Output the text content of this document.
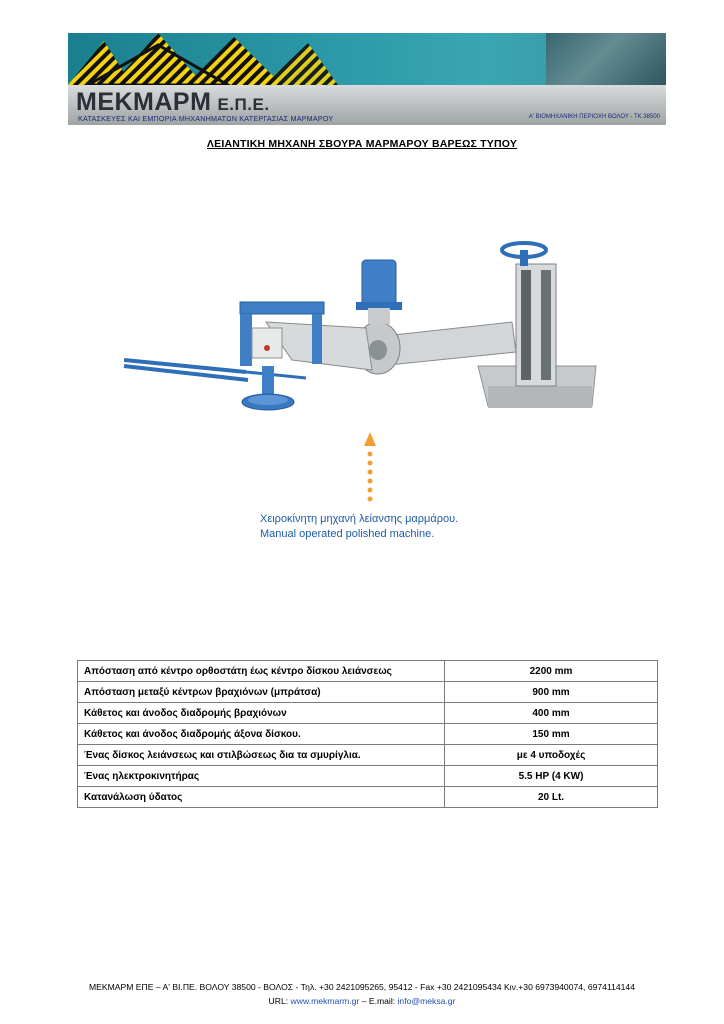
ΜΕΚΜΑΡΜ Ε.Π.Ε.
ΚΑΤΑΣΚΕΥΕΣ ΚΑΙ ΕΜΠΟΡΙΑ ΜΗΧΑΝΗΜΑΤΩΝ ΚΑΤΕΡΓΑΣΙΑΣ ΜΑΡΜΑΡΟΥ	Α' ΒΙΟΜΗΧΑΝΙΚΗ ΠΕΡΙΟΧΗ ΒΟΛΟΥ - ΤΚ 38500
ΛΕΙΑΝΤΙΚΗ ΜΗΧΑΝΗ ΣΒΟΥΡΑ ΜΑΡΜΑΡΟΥ ΒΑΡΕΩΣ ΤΥΠΟΥ
Χειροκίνητη μηχανή λείανσης μαρμάρου.
Manual operated polished machine.
Απόσταση από κέντρο ορθοστάτη έως κέντρο δίσκου λειάνσεως	2200 mm
Απόσταση μεταξύ κέντρων βραχιόνων (μπράτσα)	900 mm
Κάθετος και άνοδος διαδρομής βραχιόνων	400 mm
Κάθετος και άνοδος διαδρομής άξονα δίσκου.	150 mm
Ένας δίσκος λειάνσεως και στιλβώσεως δια τα σμυρίγλια.	με 4 υποδοχές
Ένας ηλεκτροκινητήρας	5.5 HP (4 KW)
Κατανάλωση ύδατος	20 Lt.
ΜΕΚΜΑΡΜ ΕΠΕ – Α' ΒΙ.ΠΕ. ΒΟΛΟΥ 38500 - ΒΟΛΟΣ - Τηλ. +30 2421095265, 95412 - Fax +30 2421095434 Κιν.+30 6973940074, 6974114144
URL: www.mekmarm.gr – E.mail: info@meksa.gr
